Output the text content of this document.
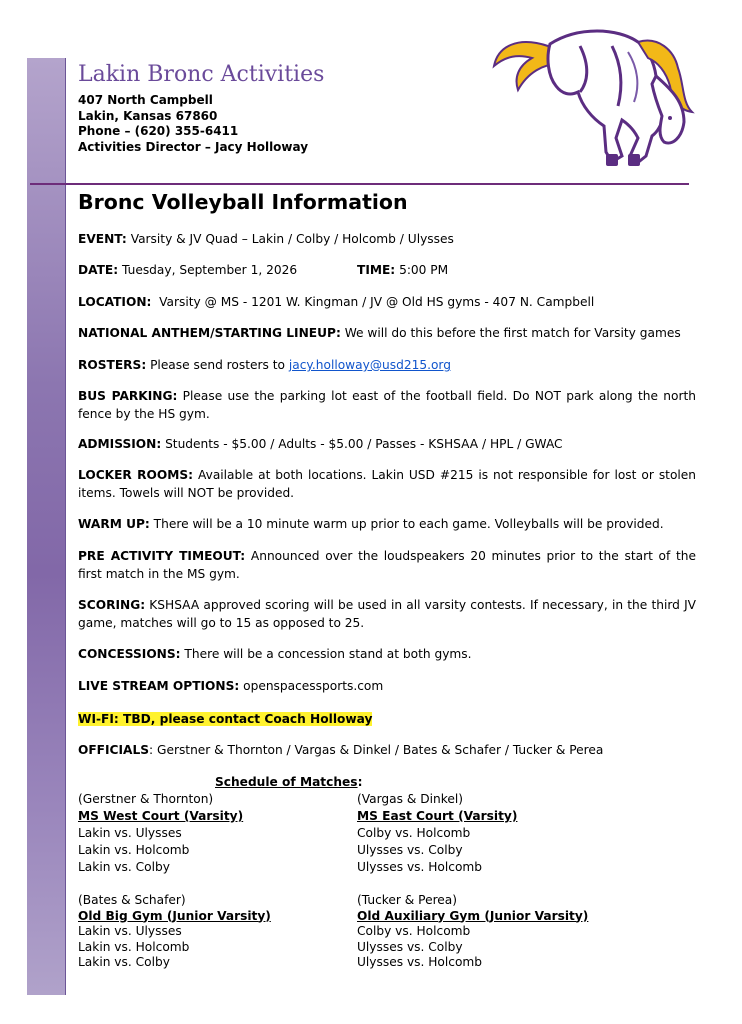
Lakin Bronc Activities
407 North Campbell
Lakin, Kansas 67860
Phone – (620) 355-6411
Activities Director – Jacy Holloway
Bronc Volleyball Information

EVENT: Varsity & JV Quad – Lakin / Colby / Holcomb / Ulysses

DATE: Tuesday, September 1, 2026	TIME: 5:00 PM

LOCATION: Varsity @ MS - 1201 W. Kingman / JV @ Old HS gyms - 407 N. Campbell

NATIONAL ANTHEM/STARTING LINEUP: We will do this before the first match for Varsity games

ROSTERS: Please send rosters to jacy.holloway@usd215.org

BUS PARKING: Please use the parking lot east of the football field. Do NOT park along the north fence by the HS gym.

ADMISSION: Students - $5.00 / Adults - $5.00 / Passes - KSHSAA / HPL / GWAC

LOCKER ROOMS: Available at both locations. Lakin USD #215 is not responsible for lost or stolen items. Towels will NOT be provided.

WARM UP: There will be a 10 minute warm up prior to each game. Volleyballs will be provided.

PRE ACTIVITY TIMEOUT: Announced over the loudspeakers 20 minutes prior to the start of the first match in the MS gym.

SCORING: KSHSAA approved scoring will be used in all varsity contests. If necessary, in the third JV game, matches will go to 15 as opposed to 25.

CONCESSIONS: There will be a concession stand at both gyms.

LIVE STREAM OPTIONS: openspacessports.com

WI-FI: TBD, please contact Coach Holloway

OFFICIALS: Gerstner & Thornton / Vargas & Dinkel / Bates & Schafer / Tucker & Perea

Schedule of Matches:
(Gerstner & Thornton)
MS West Court (Varsity)
Lakin vs. Ulysses
Lakin vs. Holcomb
Lakin vs. Colby
(Vargas & Dinkel)
MS East Court (Varsity)
Colby vs. Holcomb
Ulysses vs. Colby
Ulysses vs. Holcomb
(Bates & Schafer)
Old Big Gym (Junior Varsity)
Lakin vs. Ulysses
Lakin vs. Holcomb
Lakin vs. Colby
(Tucker & Perea)
Old Auxiliary Gym (Junior Varsity)
Colby vs. Holcomb
Ulysses vs. Colby
Ulysses vs. Holcomb
